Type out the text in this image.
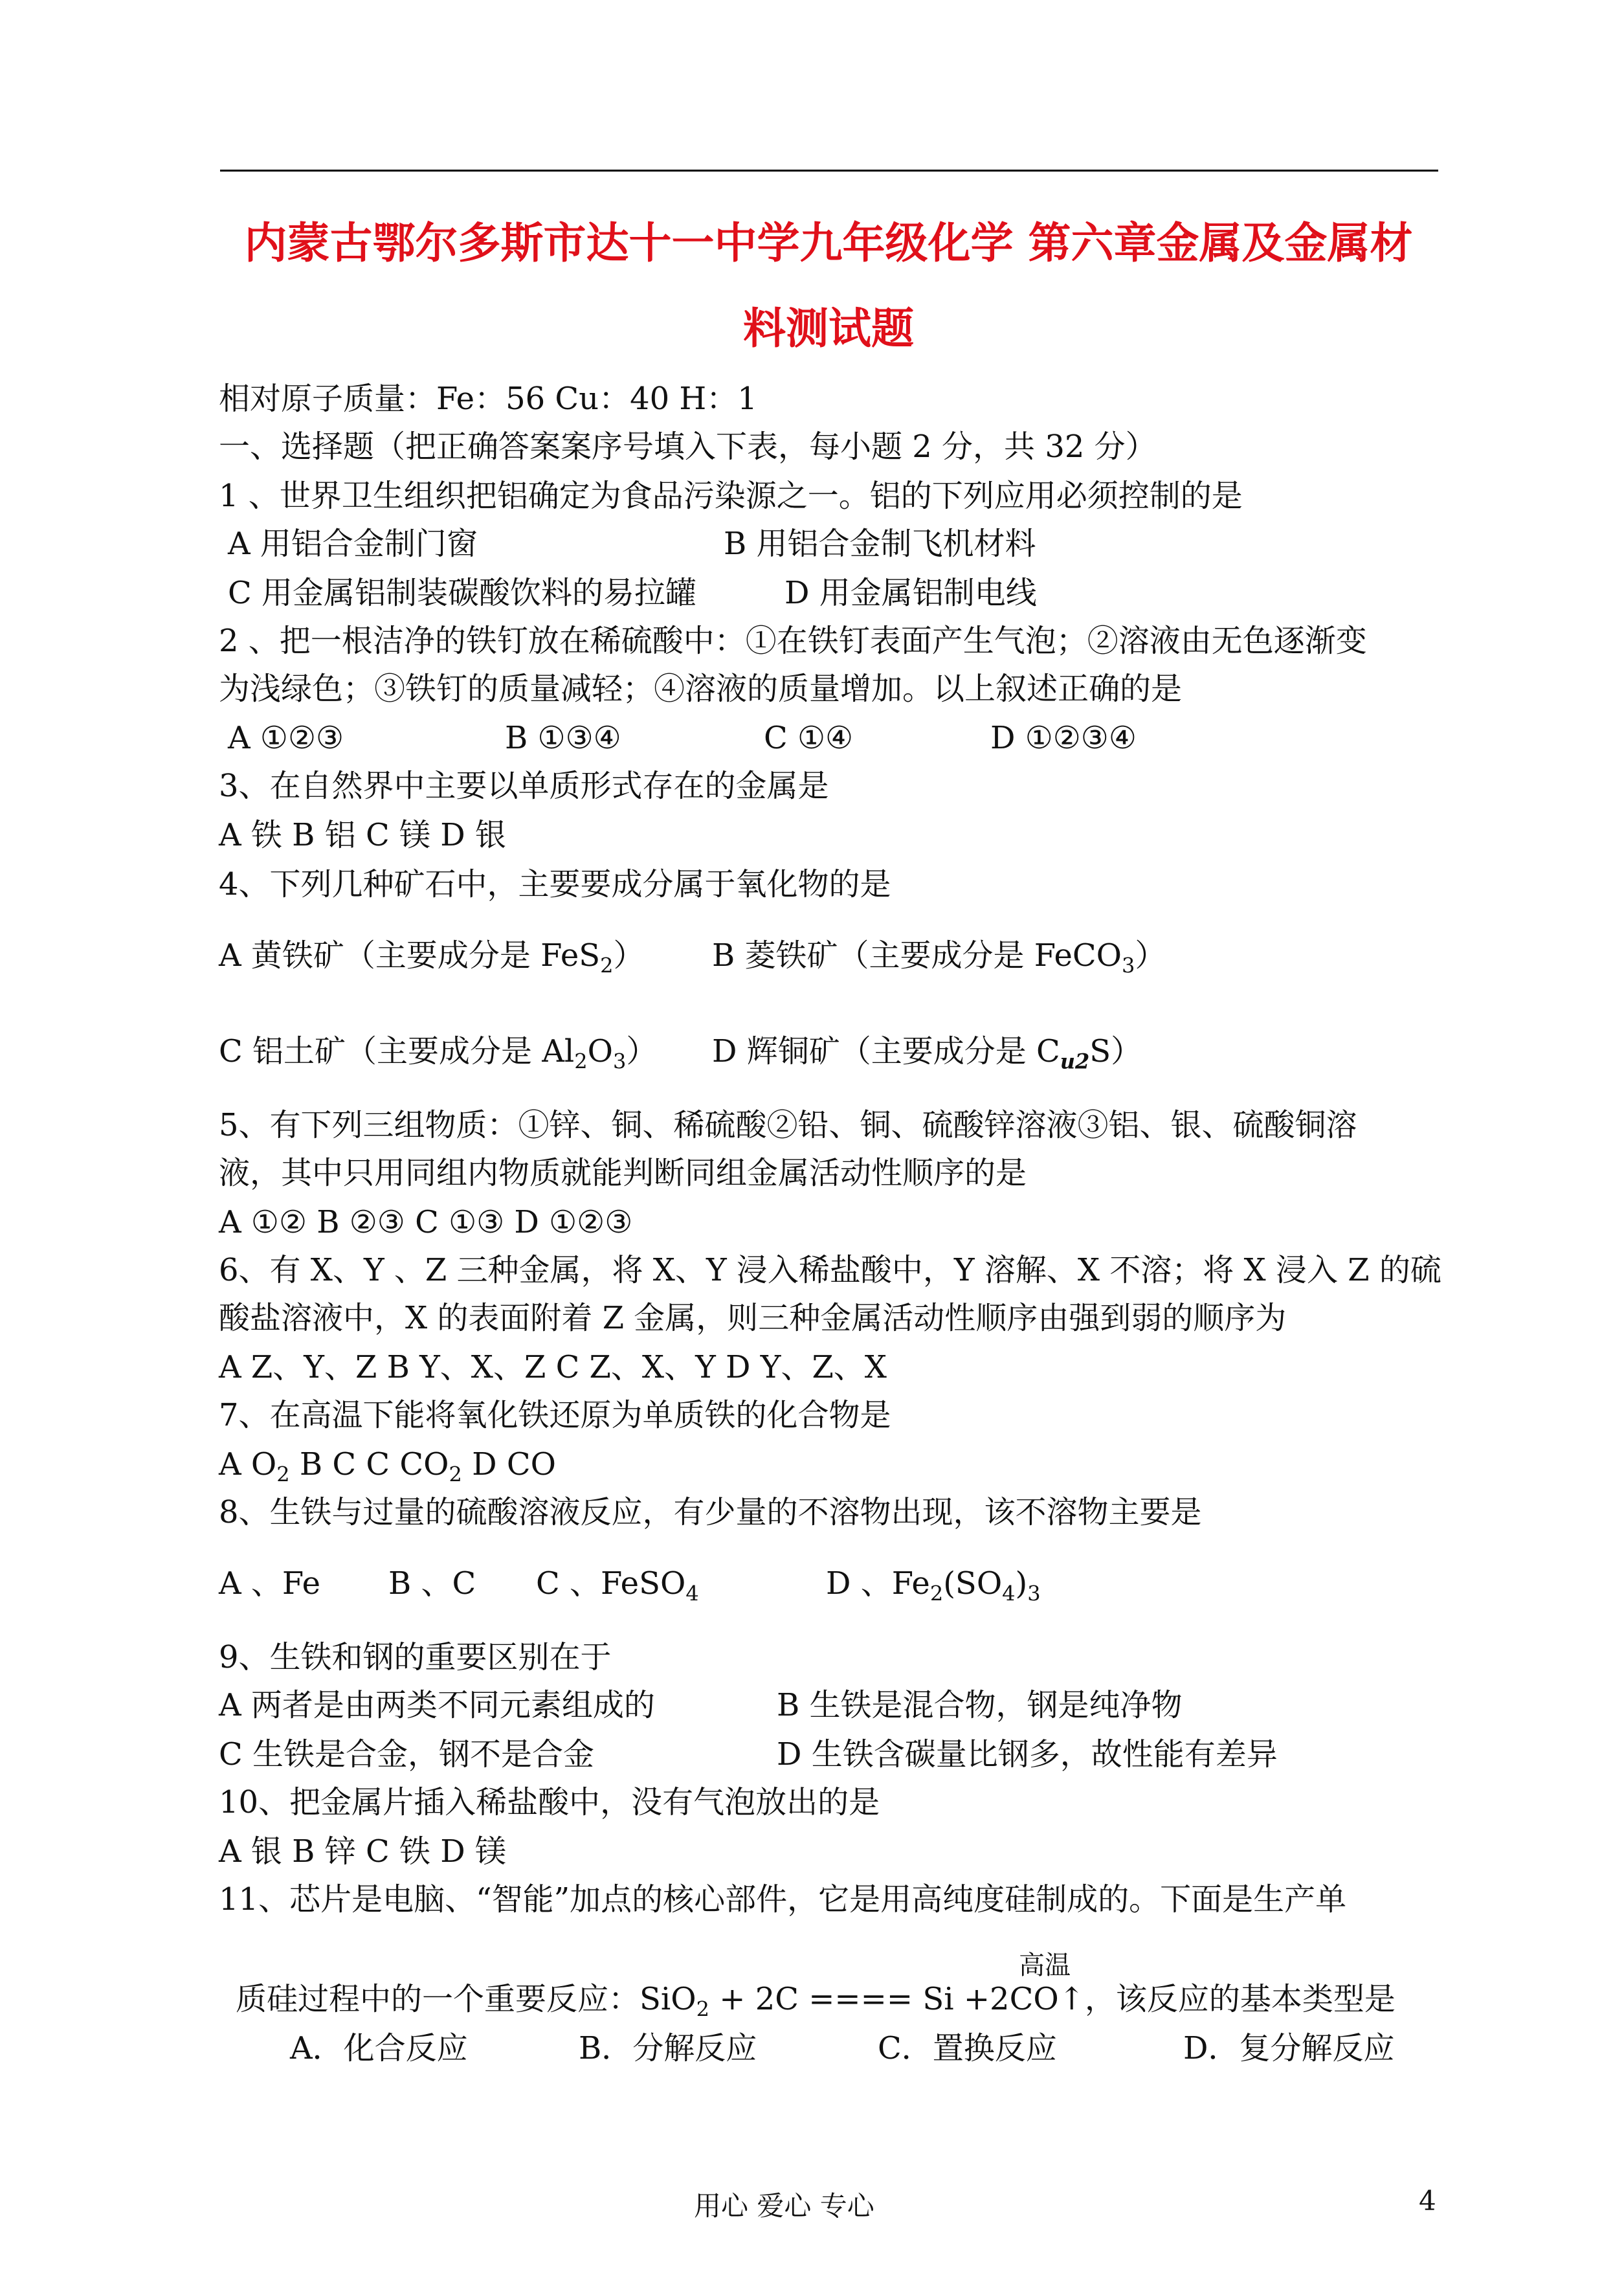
内蒙古鄂尔多斯市达十一中学九年级化学 第六章金属及金属材
料测试题
相对原子质量：Fe：56 Cu：40 H：1
一、选择题（把正确答案案序号填入下表，每小题 2 分，共 32 分）
1 、世界卫生组织把铝确定为食品污染源之一。铝的下列应用必须控制的是
A 用铝合金制门窗	B 用铝合金制飞机材料
C 用金属铝制装碳酸饮料的易拉罐	D 用金属铝制电线
2 、把一根洁净的铁钉放在稀硫酸中：①在铁钉表面产生气泡；②溶液由无色逐渐变
为浅绿色；③铁钉的质量减轻；④溶液的质量增加。以上叙述正确的是
A ①②③	B ①③④	C ①④	D ①②③④
3、在自然界中主要以单质形式存在的金属是
A 铁 B 铝 C 镁 D 银
4、下列几种矿石中，主要要成分属于氧化物的是
A 黄铁矿（主要成分是 FeS$_2$） B 菱铁矿（主要成分是 FeCO$_3$）
C 铝土矿（主要成分是 $Al_2O_3$） D 辉铜矿（主要成分是 $C_{u2}S$）
5、有下列三组物质：①锌、铜、稀硫酸②铅、铜、硫酸锌溶液③铝、银、硫酸铜溶
液，其中只用同组内物质就能判断同组金属活动性顺序的是
A ①② B ②③ C ①③ D ①②③
6、有 X、Y 、Z 三种金属，将 X、Y 浸入稀盐酸中，Y 溶解、X 不溶；将 X 浸入 Z 的硫
酸盐溶液中，X 的表面附着 Z 金属，则三种金属活动性顺序由强到弱的顺序为
A Z、Y、Z B Y、X、Z C Z、X、Y D Y、Z、X
7、在高温下能将氧化铁还原为单质铁的化合物是
A $O_2$ B C C $CO_2$ D CO
8、生铁与过量的硫酸溶液反应，有少量的不溶物出现，该不溶物主要是
A 、Fe B 、C C 、FeSO$_4$	D 、$Fe_2(SO_4)_3$
9、生铁和钢的重要区别在于
A 两者是由两类不同元素组成的	B 生铁是混合物，钢是纯净物
C 生铁是合金，钢不是合金	D 生铁含碳量比钢多，故性能有差异
10、把金属片插入稀盐酸中，没有气泡放出的是
A 银 B 锌 C 铁 D 镁
11、芯片是电脑、“智能”加点的核心部件，它是用高纯度硅制成的。下面是生产单
高温
质硅过程中的一个重要反应：SiO$_2$ + 2C ==== Si +2CO↑，该反应的基本类型是
A．化合反应	B．分解反应	C．置换反应	D．复分解反应
用心 爱心 专心	4
